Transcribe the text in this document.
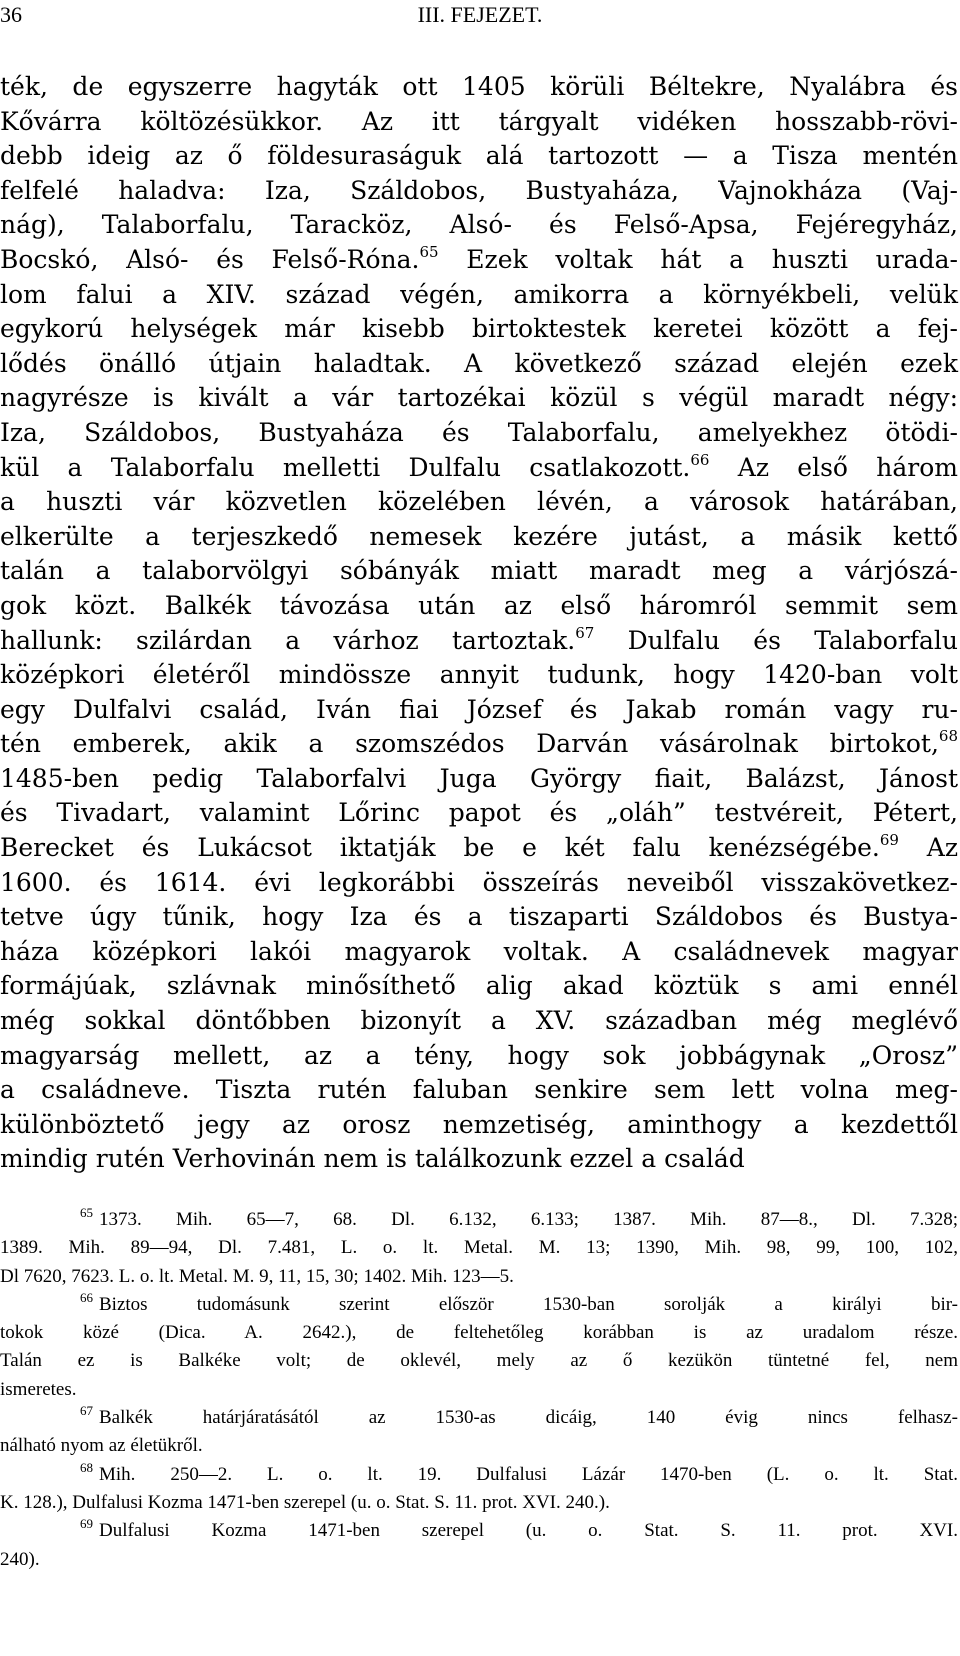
36	III. FEJEZET.
ték, de egyszerre hagyták ott 1405 körüli Béltekre, Nyalábra és
Kővárra költözésükkor. Az itt tárgyalt vidéken hosszabb-rövi-
debb ideig az ő földesuraságuk alá tartozott — a Tisza mentén
felfelé haladva: Iza, Száldobos, Bustyaháza, Vajnokháza (Vaj-
nág), Talaborfalu, Taracköz, Alsó- és Felső-Apsa, Fejéregyház,
Bocskó, Alsó- és Felső-Róna.$^{65}$ Ezek voltak hát a huszti urada-
lom falui a XIV. század végén, amikorra a környékbeli, velük
egykorú helységek már kisebb birtoktestek keretei között a fej-
lődés önálló útjain haladtak. A következő század elején ezek
nagyrésze is kivált a vár tartozékai közül s végül maradt négy:
Iza, Száldobos, Bustyaháza és Talaborfalu, amelyekhez ötödi-
kül a Talaborfalu melletti Dulfalu csatlakozott.$^{66}$ Az első három
a huszti vár közvetlen közelében lévén, a városok határában,
elkerülte a terjeszkedő nemesek kezére jutást, a másik kettő
talán a talaborvölgyi sóbányák miatt maradt meg a várjószá-
gok közt. Balkék távozása után az első háromról semmit sem
hallunk: szilárdan a várhoz tartoztak.$^{67}$ Dulfalu és Talaborfalu
középkori életéről mindössze annyit tudunk, hogy 1420-ban volt
egy Dulfalvi család, Iván fiai József és Jakab román vagy ru-
tén emberek, akik a szomszédos Darván vásárolnak birtokot,$^{68}$
1485-ben pedig Talaborfalvi Juga György fiait, Balázst, Jánost
és Tivadart, valamint Lőrinc papot és „oláh” testvéreit, Pétert,
Berecket és Lukácsot iktatják be e két falu kenézségébe.$^{69}$ Az
1600. és 1614. évi legkorábbi összeírás neveiből visszakövetkez-
tetve úgy tűnik, hogy Iza és a tiszaparti Száldobos és Bustya-
háza középkori lakói magyarok voltak. A családnevek magyar
formájúak, szlávnak minősíthető alig akad köztük s ami ennél
még sokkal döntőbben bizonyít a XV. században még meglévő
magyarság mellett, az a tény, hogy sok jobbágynak „Orosz”
a családneve. Tiszta rutén faluban senkire sem lett volna meg-
különböztető jegy az orosz nemzetiség, aminthogy a kezdettől
mindig rutén Verhovinán nem is találkozunk ezzel a család
$^{65}$ 1373. Mih. 65—7, 68. Dl. 6.132, 6.133; 1387. Mih. 87—8., Dl. 7.328;
1389. Mih. 89—94, Dl. 7.481, L. o. lt. Metal. M. 13; 1390, Mih. 98, 99, 100, 102,
Dl 7620, 7623. L. o. lt. Metal. M. 9, 11, 15, 30; 1402. Mih. 123—5.
$^{66}$ Biztos tudomásunk szerint először 1530-ban sorolják a királyi bir-
tokok közé (Dica. A. 2642.), de feltehetőleg korábban is az uradalom része.
Talán ez is Balkéke volt; de oklevél, mely az ő kezükön tüntetné fel, nem
ismeretes.
$^{67}$ Balkék határjáratásától az 1530-as dicáig, 140 évig nincs felhasz-
nálható nyom az életükről.
$^{68}$ Mih. 250—2. L. o. lt. 19. Dulfalusi Lázár 1470-ben (L. o. lt. Stat.
K. 128.), Dulfalusi Kozma 1471-ben szerepel (u. o. Stat. S. 11. prot. XVI. 240.).
$^{69}$ Dulfalusi Kozma 1471-ben szerepel (u. o. Stat. S. 11. prot. XVI.
240).
